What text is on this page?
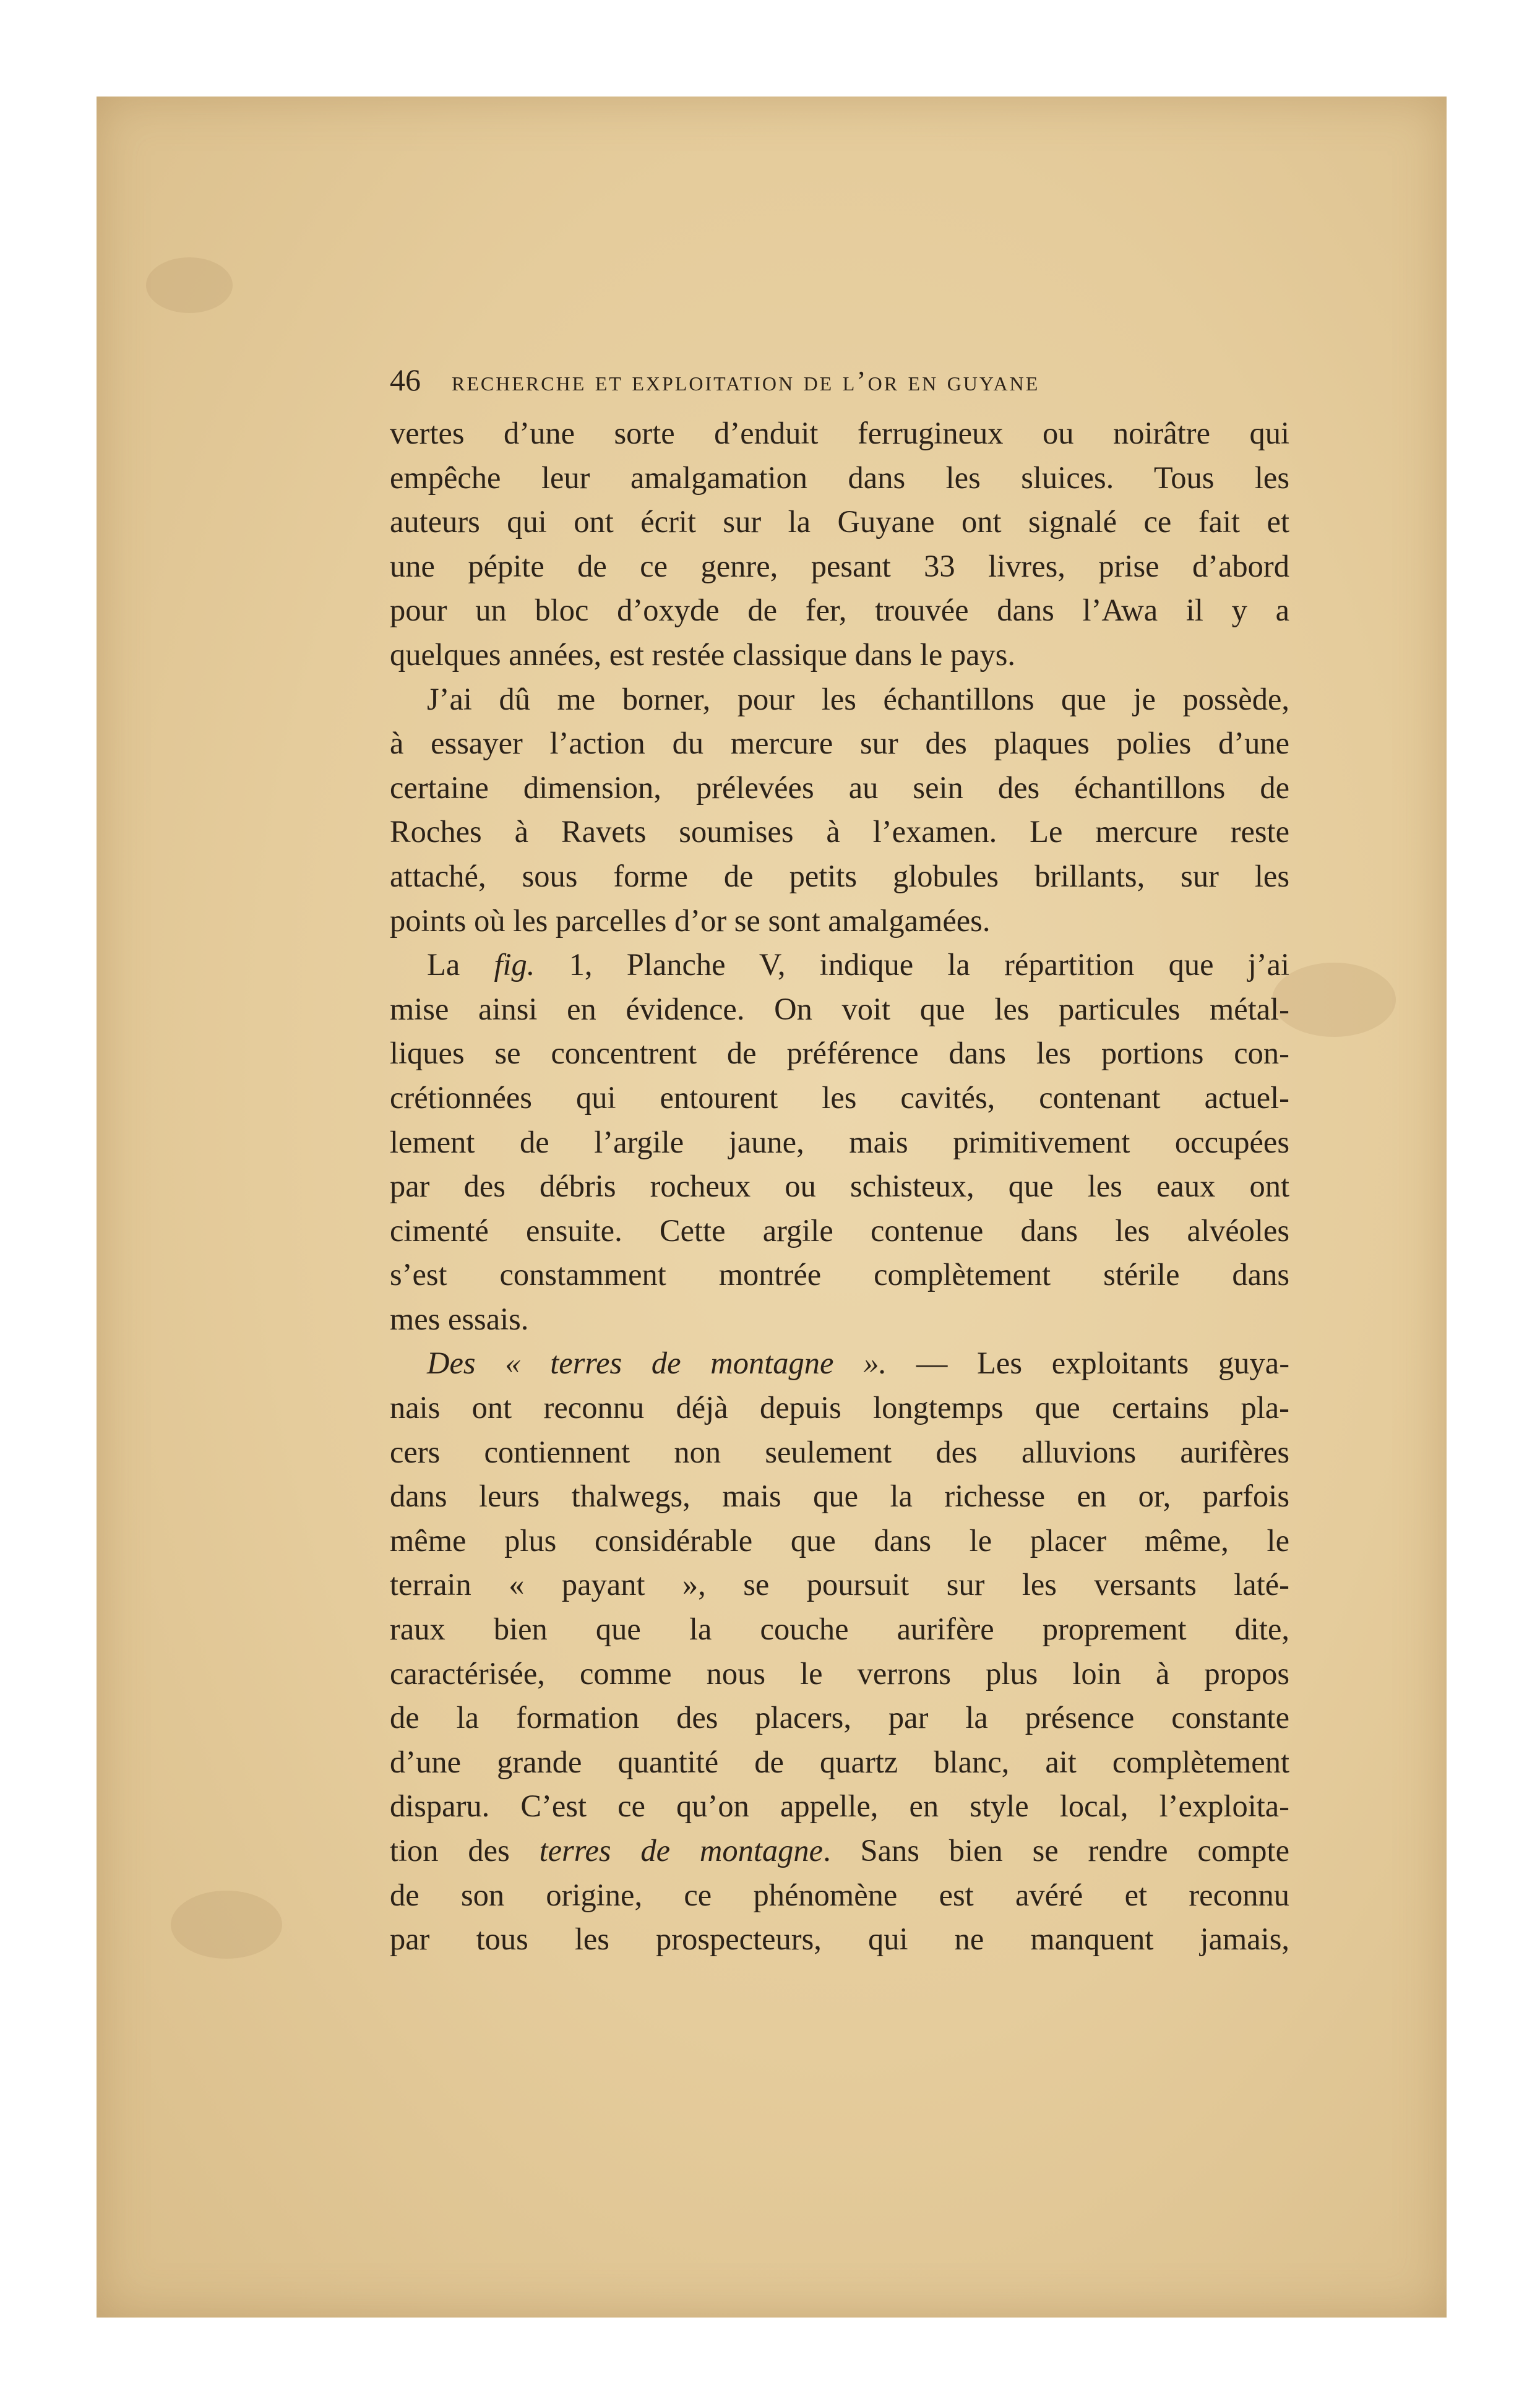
46	recherche et exploitation de l’or en guyane
vertes d’une sorte d’enduit ferrugineux ou noirâtre qui
empêche leur amalgamation dans les sluices. Tous les
auteurs qui ont écrit sur la Guyane ont signalé ce fait et
une pépite de ce genre, pesant 33 livres, prise d’abord
pour un bloc d’oxyde de fer, trouvée dans l’Awa il y a
quelques années, est restée classique dans le pays.
J’ai dû me borner, pour les échantillons que je possède,
à essayer l’action du mercure sur des plaques polies d’une
certaine dimension, prélevées au sein des échantillons de
Roches à Ravets soumises à l’examen. Le mercure reste
attaché, sous forme de petits globules brillants, sur les
points où les parcelles d’or se sont amalgamées.
La fig. 1, Planche V, indique la répartition que j’ai
mise ainsi en évidence. On voit que les particules métal-
liques se concentrent de préférence dans les portions con-
crétionnées qui entourent les cavités, contenant actuel-
lement de l’argile jaune, mais primitivement occupées
par des débris rocheux ou schisteux, que les eaux ont
cimenté ensuite. Cette argile contenue dans les alvéoles
s’est constamment montrée complètement stérile dans
mes essais.
Des « terres de montagne ». — Les exploitants guya-
nais ont reconnu déjà depuis longtemps que certains pla-
cers contiennent non seulement des alluvions aurifères
dans leurs thalwegs, mais que la richesse en or, parfois
même plus considérable que dans le placer même, le
terrain « payant », se poursuit sur les versants laté-
raux bien que la couche aurifère proprement dite,
caractérisée, comme nous le verrons plus loin à propos
de la formation des placers, par la présence constante
d’une grande quantité de quartz blanc, ait complètement
disparu. C’est ce qu’on appelle, en style local, l’exploita-
tion des terres de montagne. Sans bien se rendre compte
de son origine, ce phénomène est avéré et reconnu
par tous les prospecteurs, qui ne manquent jamais,
